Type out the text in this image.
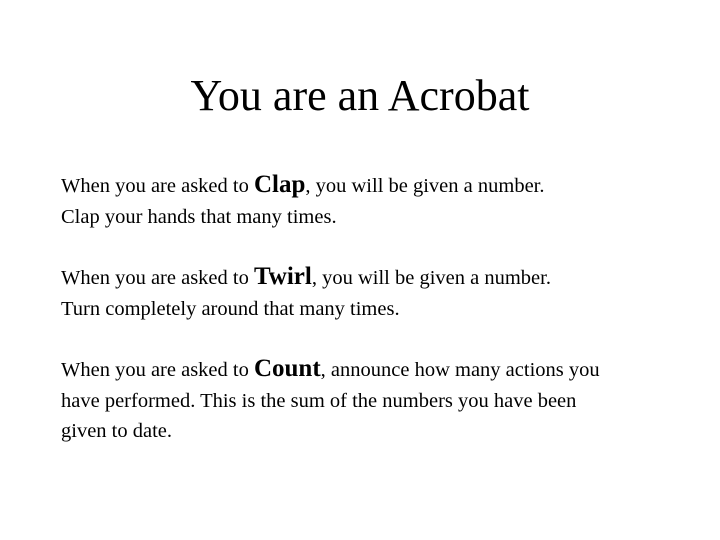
You are an Acrobat

When you are asked to Clap, you will be given a number.
Clap your hands that many times.

When you are asked to Twirl, you will be given a number.
Turn completely around that many times.

When you are asked to Count, announce how many actions you
have performed. This is the sum of the numbers you have been
given to date.
